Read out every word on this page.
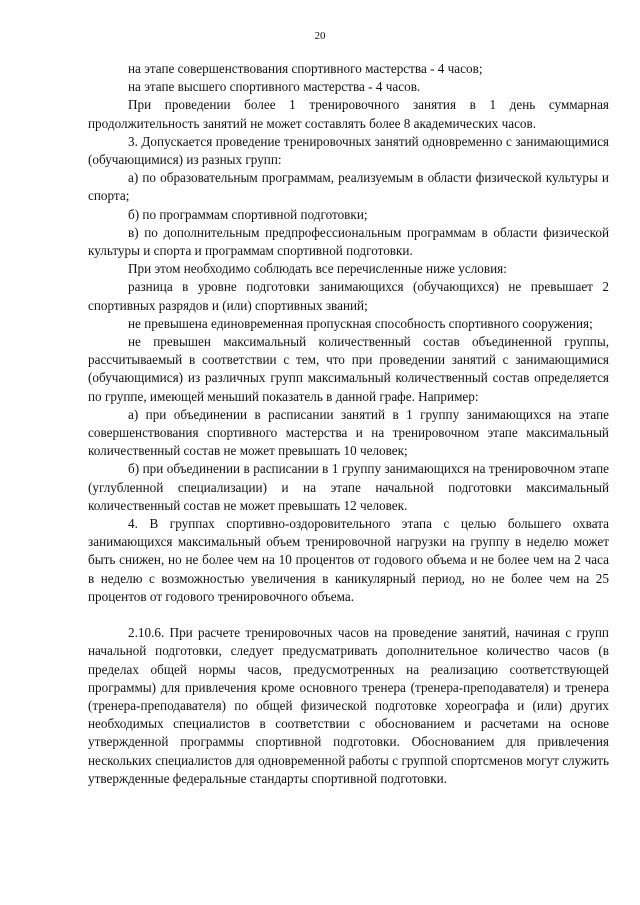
20

на этапе совершенствования спортивного мастерства - 4 часов;

на этапе высшего спортивного мастерства - 4 часов.

При проведении более 1 тренировочного занятия в 1 день суммарная продолжительность занятий не может составлять более 8 академических часов.

3. Допускается проведение тренировочных занятий одновременно с занимающимися (обучающимися) из разных групп:

а) по образовательным программам, реализуемым в области физической культуры и спорта;

б) по программам спортивной подготовки;

в) по дополнительным предпрофессиональным программам в области физической культуры и спорта и программам спортивной подготовки.

При этом необходимо соблюдать все перечисленные ниже условия:

разница в уровне подготовки занимающихся (обучающихся) не превышает 2 спортивных разрядов и (или) спортивных званий;

не превышена единовременная пропускная способность спортивного сооружения;

не превышен максимальный количественный состав объединенной группы, рассчитываемый в соответствии с тем, что при проведении занятий с занимающимися (обучающимися) из различных групп максимальный количественный состав определяется по группе, имеющей меньший показатель в данной графе. Например:

а) при объединении в расписании занятий в 1 группу занимающихся на этапе совершенствования спортивного мастерства и на тренировочном этапе максимальный количественный состав не может превышать 10 человек;

б) при объединении в расписании в 1 группу занимающихся на тренировочном этапе (углубленной специализации) и на этапе начальной подготовки максимальный количественный состав не может превышать 12 человек.

4. В группах спортивно-оздоровительного этапа с целью большего охвата занимающихся максимальный объем тренировочной нагрузки на группу в неделю может быть снижен, но не более чем на 10 процентов от годового объема и не более чем на 2 часа в неделю с возможностью увеличения в каникулярный период, но не более чем на 25 процентов от годового тренировочного объема.

2.10.6. При расчете тренировочных часов на проведение занятий, начиная с групп начальной подготовки, следует предусматривать дополнительное количество часов (в пределах общей нормы часов, предусмотренных на реализацию соответствующей программы) для привлечения кроме основного тренера (тренера-преподавателя) и тренера (тренера-преподавателя) по общей физической подготовке хореографа и (или) других необходимых специалистов в соответствии с обоснованием и расчетами на основе утвержденной программы спортивной подготовки. Обоснованием для привлечения нескольких специалистов для одновременной работы с группой спортсменов могут служить утвержденные федеральные стандарты спортивной подготовки.
